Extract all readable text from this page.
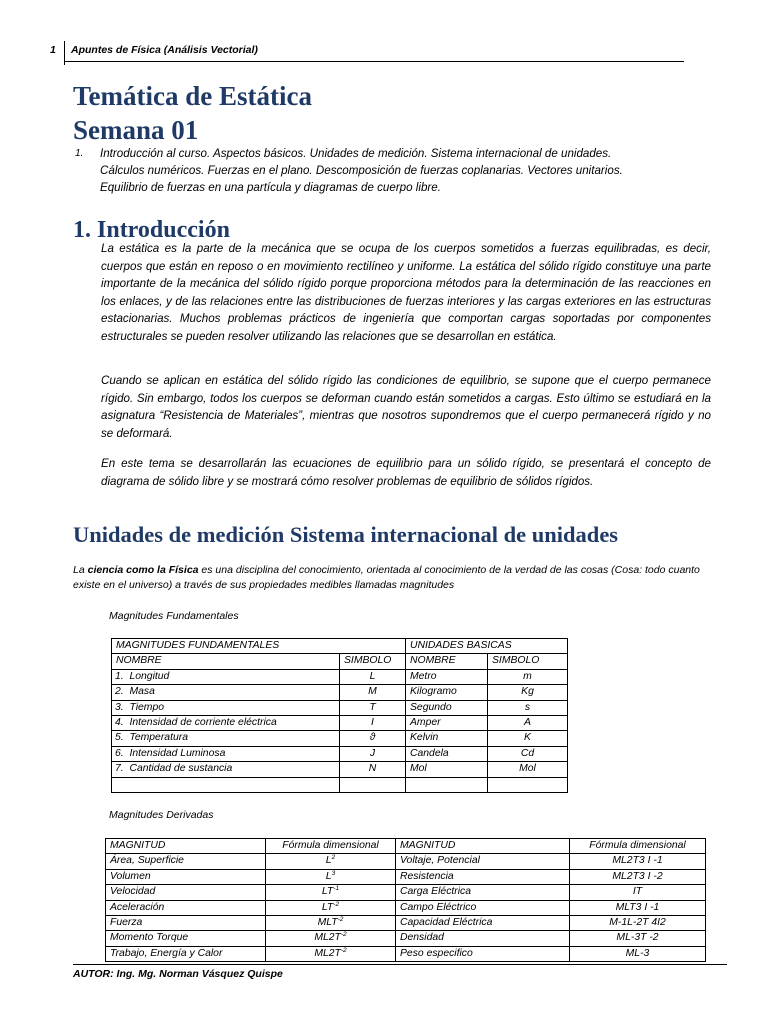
1 Apuntes de Física (Análisis Vectorial)
Temática de Estática
Semana 01
1. Introducción al curso. Aspectos básicos. Unidades de medición. Sistema internacional de unidades.
Cálculos numéricos. Fuerzas en el plano. Descomposición de fuerzas coplanarias. Vectores unitarios.
Equilibrio de fuerzas en una partícula y diagramas de cuerpo libre.
1. Introducción
La estática es la parte de la mecánica que se ocupa de los cuerpos sometidos a fuerzas equilibradas, es decir, cuerpos que están en reposo o en movimiento rectilíneo y uniforme. La estática del sólido rígido constituye una parte importante de la mecánica del sólido rígido porque proporciona métodos para la determinación de las reacciones en los enlaces, y de las relaciones entre las distribuciones de fuerzas interiores y las cargas exteriores en las estructuras estacionarias. Muchos problemas prácticos de ingeniería que comportan cargas soportadas por componentes estructurales se pueden resolver utilizando las relaciones que se desarrollan en estática.
Cuando se aplican en estática del sólido rígido las condiciones de equilibrio, se supone que el cuerpo permanece rígido. Sin embargo, todos los cuerpos se deforman cuando están sometidos a cargas. Esto último se estudiará en la asignatura “Resistencia de Materiales”, mientras que nosotros supondremos que el cuerpo permanecerá rígido y no se deformará.
En este tema se desarrollarán las ecuaciones de equilibrio para un sólido rígido, se presentará el concepto de diagrama de sólido libre y se mostrará cómo resolver problemas de equilibrio de sólidos rígidos.
Unidades de medición Sistema internacional de unidades
La ciencia como la Física es una disciplina del conocimiento, orientada al conocimiento de la verdad de las cosas (Cosa: todo cuanto existe en el universo) a través de sus propiedades medibles llamadas magnitudes
Magnitudes Fundamentales
MAGNITUDES FUNDAMENTALES		UNIDADES BASICAS	
NOMBRE	SIMBOLO	NOMBRE	SIMBOLO
1. Longitud	L	Metro	m
2. Masa	M	Kilogramo	Kg
3. Tiempo	T	Segundo	s
4. Intensidad de corriente eléctrica	I	Amper	A
5. Temperatura	ϑ	Kelvin	K
6. Intensidad Luminosa	J	Candela	Cd
7. Cantidad de sustancia	N	Mol	Mol

Magnitudes Derivadas
MAGNITUD	Fórmula dimensional	MAGNITUD	Fórmula dimensional
Área, Superficie	$L^2$	Voltaje, Potencial	ML2T3 I -1
Volumen	$L^3$	Resistencia	ML2T3 I -2
Velocidad	$LT^{-1}$	Carga Eléctrica	IT
Aceleración	$LT^{-2}$	Campo Eléctrico	MLT3 I -1
Fuerza	$MLT^{-2}$	Capacidad Eléctrica	M-1L-2T 4I2
Momento Torque	$ML2T^{-2}$	Densidad	ML-3T -2
Trabajo, Energía y Calor	$ML2T^{-2}$	Peso especifico	ML-3
AUTOR: Ing. Mg. Norman Vásquez Quispe
